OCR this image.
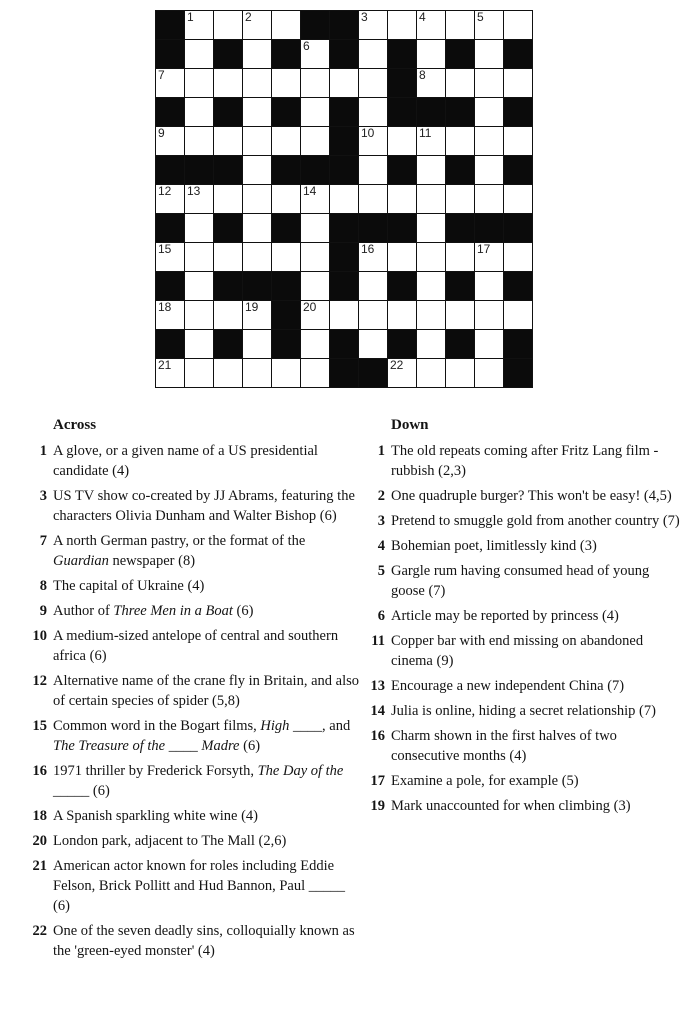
1	2	3	4	5
6
7	8
9	10	11
12 13	14
15	16	17
18	19	20
21	22
Across
1 A glove, or a given name of a US presidential candidate (4)
3 US TV show co-created by JJ Abrams, featuring the characters Olivia Dunham and Walter Bishop (6)
7 A north German pastry, or the format of the Guardian newspaper (8)
8 The capital of Ukraine (4)
9 Author of Three Men in a Boat (6)
10 A medium-sized antelope of central and southern africa (6)
12 Alternative name of the crane fly in Britain, and also of certain species of spider (5,8)
15 Common word in the Bogart films, High ____, and The Treasure of the ____ Madre (6)
16 1971 thriller by Frederick Forsyth, The Day of the _____ (6)
18 A Spanish sparkling white wine (4)
20 London park, adjacent to The Mall (2,6)
21 American actor known for roles including Eddie Felson, Brick Pollitt and Hud Bannon, Paul _____ (6)
22 One of the seven deadly sins, colloquially known as the 'green-eyed monster' (4)
Down
1 The old repeats coming after Fritz Lang film - rubbish (2,3)
2 One quadruple burger? This won't be easy! (4,5)
3 Pretend to smuggle gold from another country (7)
4 Bohemian poet, limitlessly kind (3)
5 Gargle rum having consumed head of young goose (7)
6 Article may be reported by princess (4)
11 Copper bar with end missing on abandoned cinema (9)
13 Encourage a new independent China (7)
14 Julia is online, hiding a secret relationship (7)
16 Charm shown in the first halves of two consecutive months (4)
17 Examine a pole, for example (5)
19 Mark unaccounted for when climbing (3)
